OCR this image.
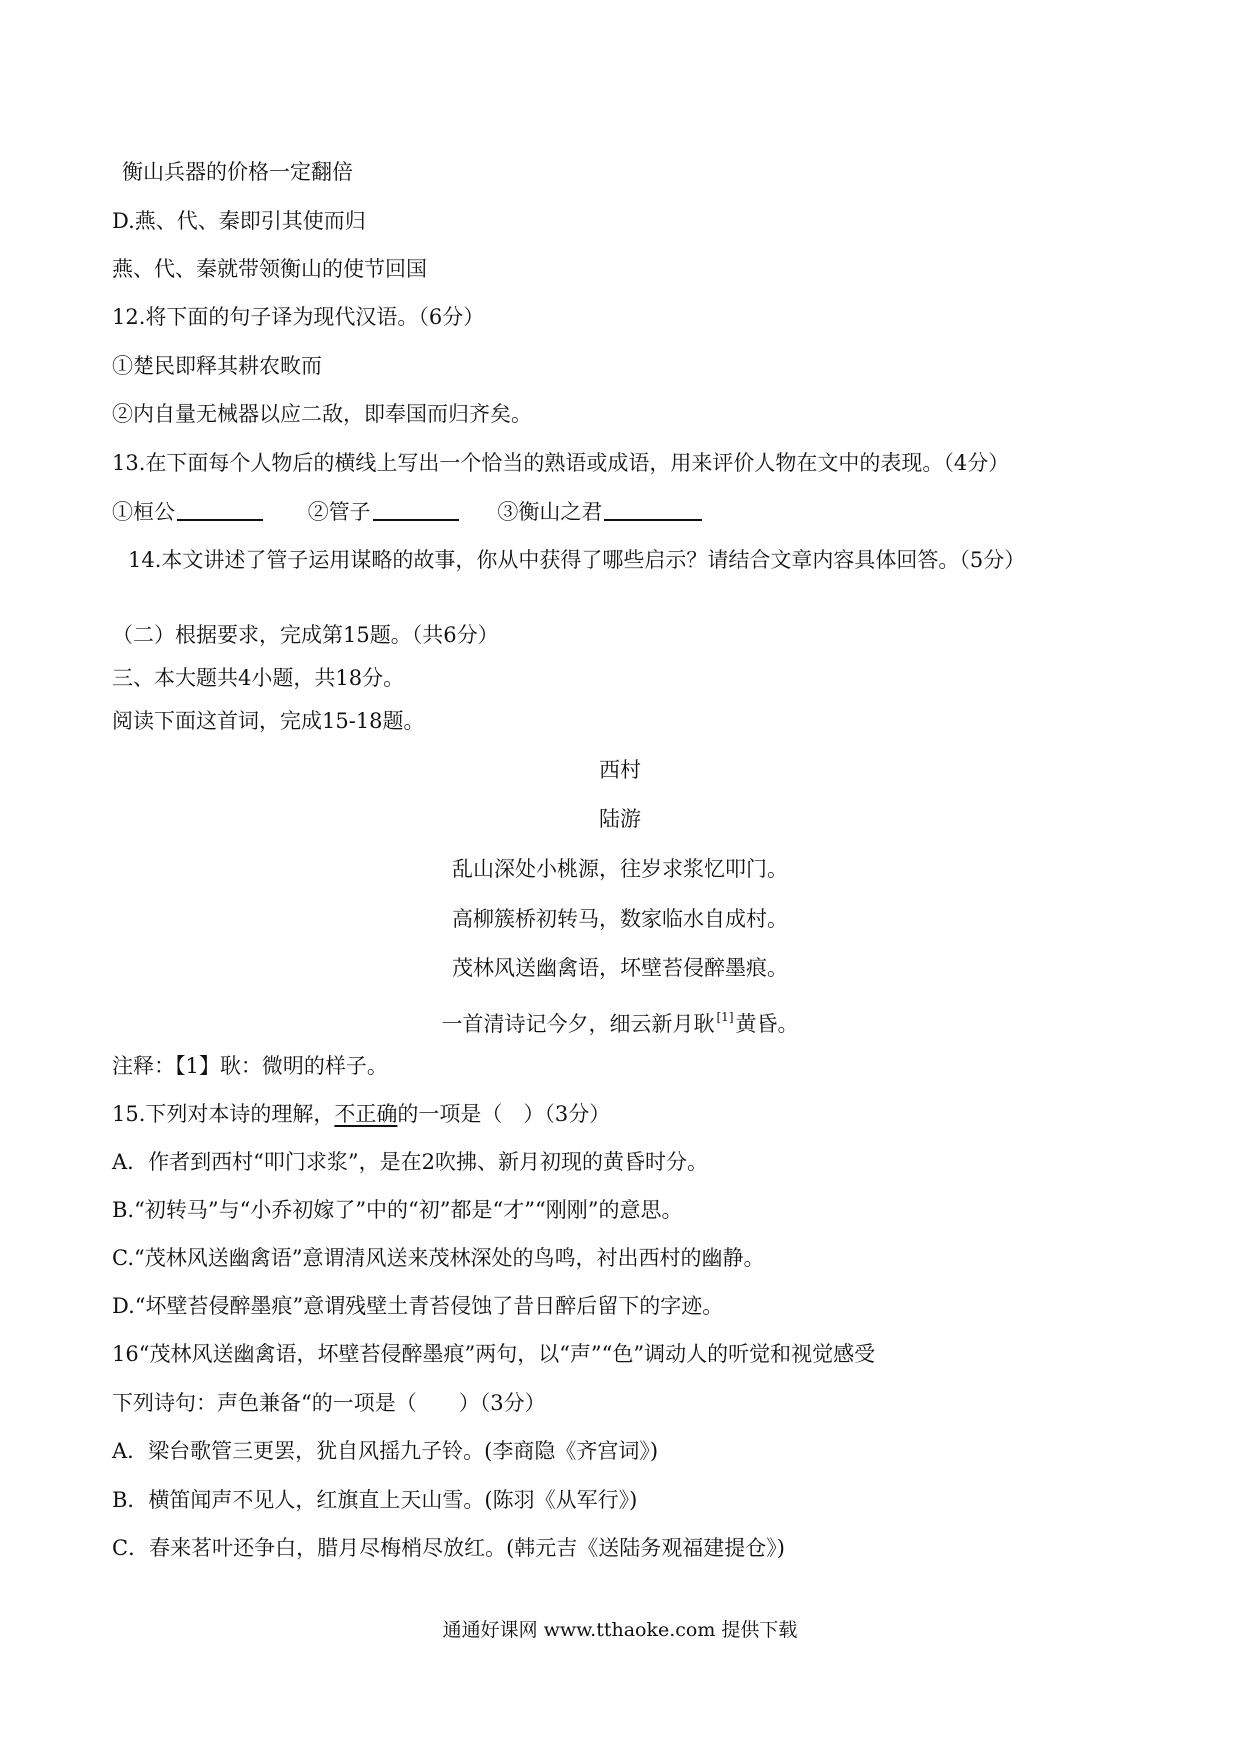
衡山兵器的价格一定翻倍
D.燕、代、秦即引其使而归
燕、代、秦就带领衡山的使节回国
12.将下面的句子译为现代汉语。（6分）
①楚民即释其耕农畋而
②内自量无械器以应二敌，即奉国而归齐矣。
13.在下面每个人物后的横线上写出一个恰当的熟语或成语，用来评价人物在文中的表现。（4分）
①桓公	②管子	③衡山之君
14.本文讲述了管子运用谋略的故事，你从中获得了哪些启示？请结合文章内容具体回答。（5分）
（二）根据要求，完成第15题。（共6分）
三、本大题共4小题，共18分。
阅读下面这首词，完成15-18题。
西村
陆游
乱山深处小桃源，往岁求浆忆叩门。
高柳簇桥初转马，数家临水自成村。
茂林风送幽禽语，坏壁苔侵醉墨痕。
一首清诗记今夕，细云新月耿 [1]黄昏。
注释：【1】耿：微明的样子。
15.下列对本诗的理解，不正确的一项是（　）（3分）
A．作者到西村“叩门求浆”，是在2吹拂、新月初现的黄昏时分。
B.“初转马”与“小乔初嫁了”中的“初”都是“才”“刚刚”的意思。
C.“茂林风送幽禽语”意谓清风送来茂林深处的鸟鸣，衬出西村的幽静。
D.“坏壁苔侵醉墨痕”意谓残壁土青苔侵蚀了昔日醉后留下的字迹。
16“茂林风送幽禽语，坏壁苔侵醉墨痕”两句，以“声”“色”调动人的听觉和视觉感受
下列诗句：声色兼备“的一项是（　　）（3分）
A．梁台歌管三更罢，犹自风摇九子铃。(李商隐《齐宫词》)
B．横笛闻声不见人，红旗直上天山雪。(陈羽《从军行》)
C．春来茗叶还争白，腊月尽梅梢尽放红。(韩元吉《送陆务观福建提仓》)
通通好课网 www.tthaoke.com 提供下载
